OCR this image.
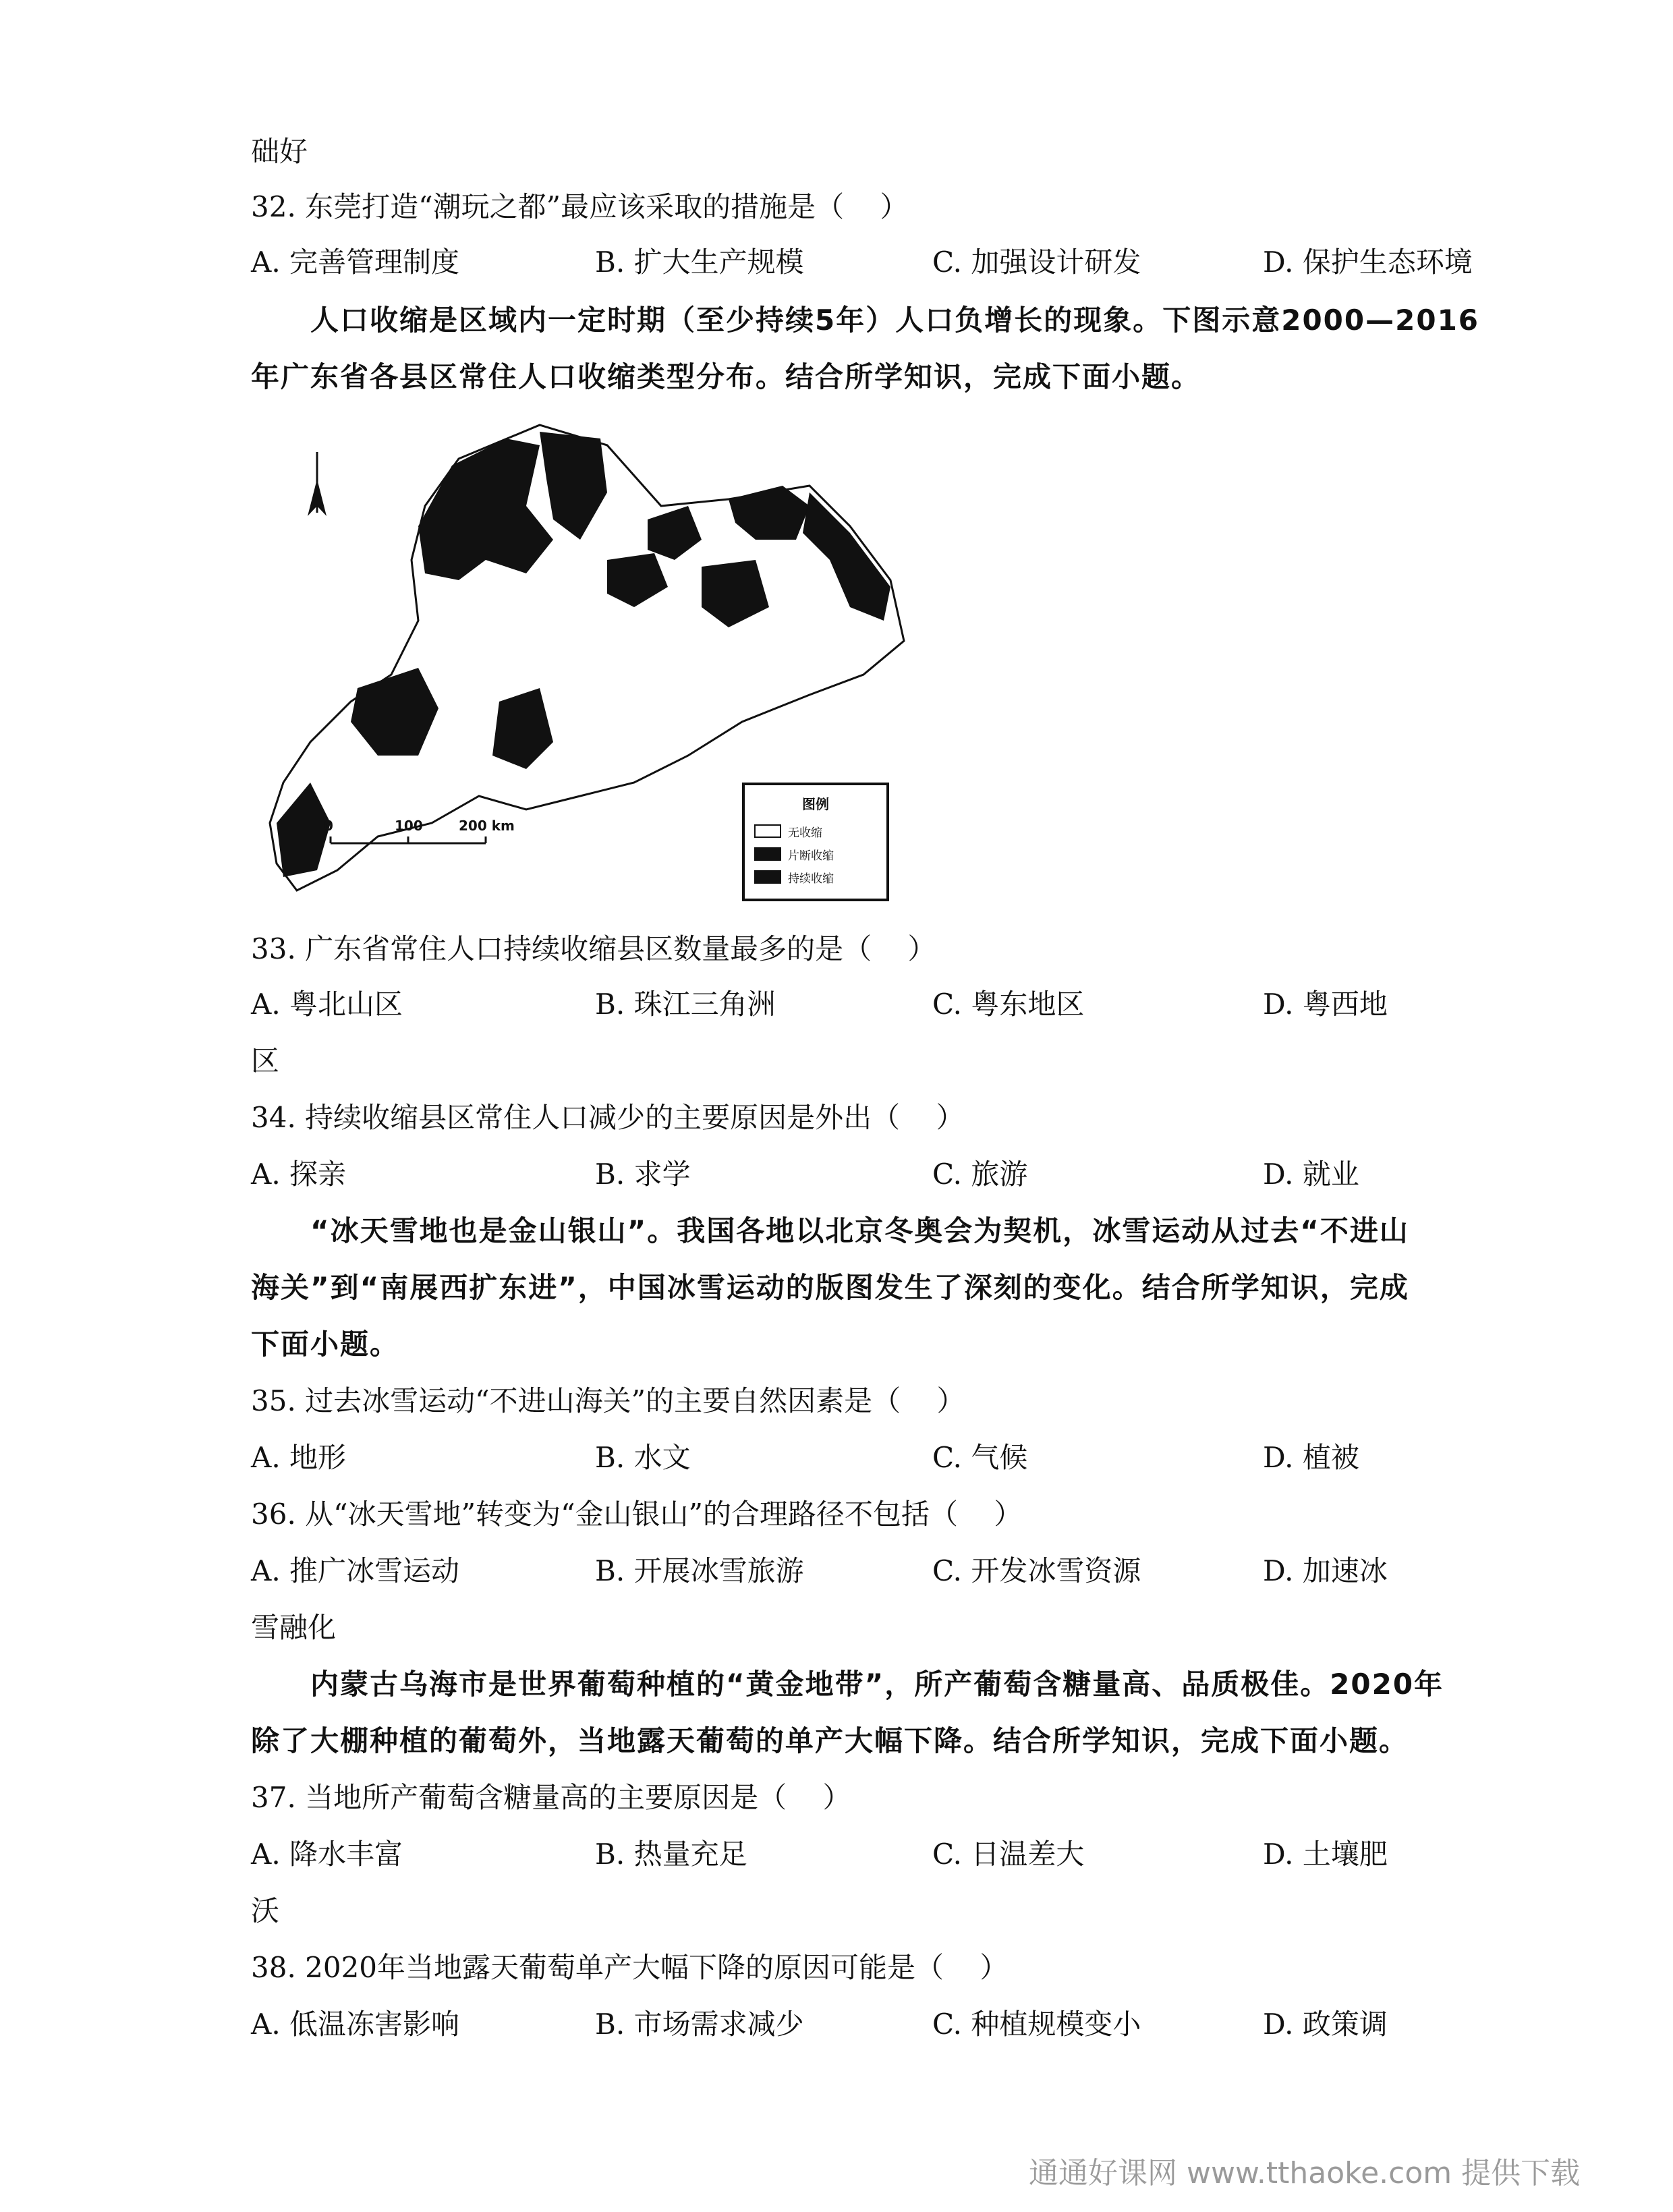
础好
32. 东莞打造“潮玩之都”最应该采取的措施是（    ）
A. 完善管理制度	B. 扩大生产规模	C. 加强设计研发	D. 保护生态环境
人口收缩是区域内一定时期（至少持续5年）人口负增长的现象。下图示意2000—2016
年广东省各县区常住人口收缩类型分布。结合所学知识，完成下面小题。
0	100	200 km
图例
无收缩
片断收缩
持续收缩
33. 广东省常住人口持续收缩县区数量最多的是（    ）
A. 粤北山区	B. 珠江三角洲	C. 粤东地区	D. 粤西地
区
34. 持续收缩县区常住人口减少的主要原因是外出（    ）
A. 探亲	B. 求学	C. 旅游	D. 就业
“冰天雪地也是金山银山”。我国各地以北京冬奥会为契机，冰雪运动从过去“不进山
海关”到“南展西扩东进”，中国冰雪运动的版图发生了深刻的变化。结合所学知识，完成
下面小题。
35. 过去冰雪运动“不进山海关”的主要自然因素是（    ）
A. 地形	B. 水文	C. 气候	D. 植被
36. 从“冰天雪地”转变为“金山银山”的合理路径不包括（    ）
A. 推广冰雪运动	B. 开展冰雪旅游	C. 开发冰雪资源	D. 加速冰
雪融化
内蒙古乌海市是世界葡萄种植的“黄金地带”，所产葡萄含糖量高、品质极佳。2020年
除了大棚种植的葡萄外，当地露天葡萄的单产大幅下降。结合所学知识，完成下面小题。
37. 当地所产葡萄含糖量高的主要原因是（    ）
A. 降水丰富	B. 热量充足	C. 日温差大	D. 土壤肥
沃
38. 2020年当地露天葡萄单产大幅下降的原因可能是（    ）
A. 低温冻害影响	B. 市场需求减少	C. 种植规模变小	D. 政策调
通通好课网 www.tthaoke.com 提供下载
